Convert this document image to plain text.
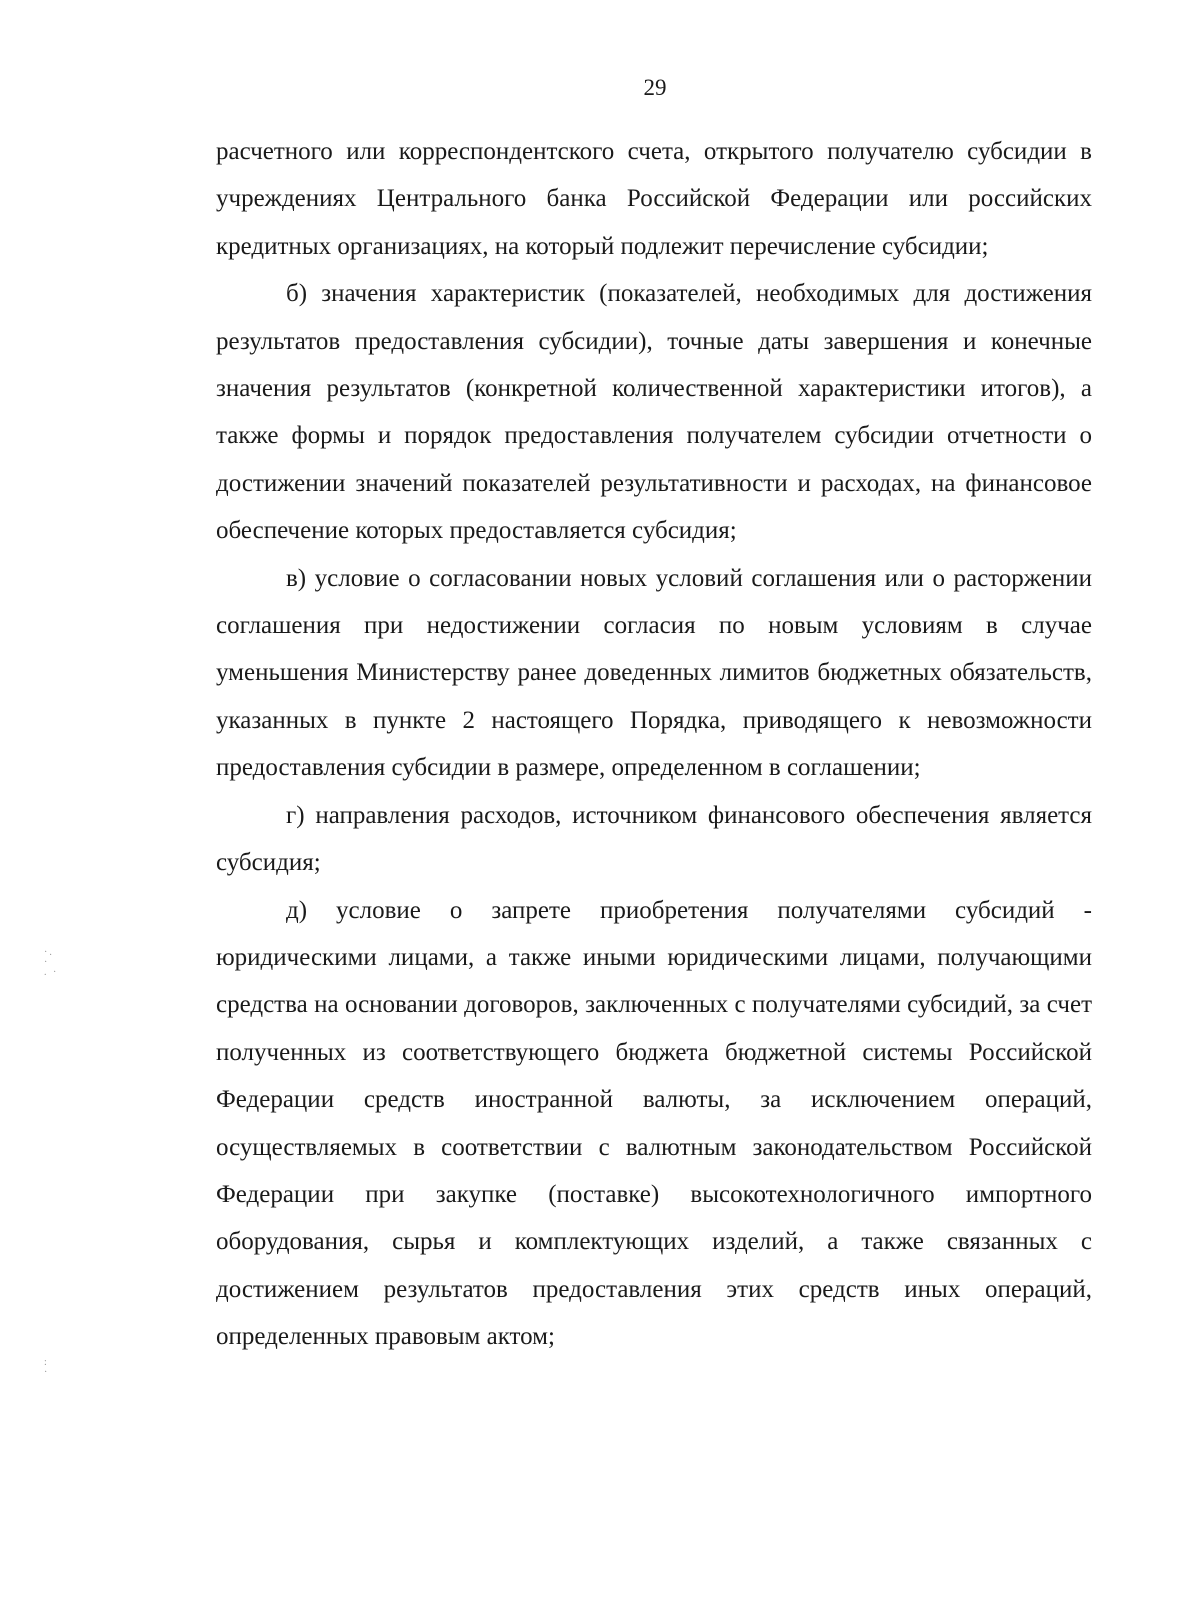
29

расчетного или корреспондентского счета, открытого получателю субсидии в учреждениях Центрального банка Российской Федерации или российских кредитных организациях, на который подлежит перечисление субсидии;

б) значения характеристик (показателей, необходимых для достижения результатов предоставления субсидии), точные даты завершения и конечные значения результатов (конкретной количественной характеристики итогов), а также формы и порядок предоставления получателем субсидии отчетности о достижении значений показателей результативности и расходах, на финансовое обеспечение которых предоставляется субсидия;

в) условие о согласовании новых условий соглашения или о расторжении соглашения при недостижении согласия по новым условиям в случае уменьшения Министерству ранее доведенных лимитов бюджетных обязательств, указанных в пункте 2 настоящего Порядка, приводящего к невозможности предоставления субсидии в размере, определенном в соглашении;

г) направления расходов, источником финансового обеспечения является субсидия;

д) условие о запрете приобретения получателями субсидий - юридическими лицами, а также иными юридическими лицами, получающими средства на основании договоров, заключенных с получателями субсидий, за счет полученных из соответствующего бюджета бюджетной системы Российской Федерации средств иностранной валюты, за исключением операций, осуществляемых в соответствии с валютным законодательством Российской Федерации при закупке (поставке) высокотехнологичного импортного оборудования, сырья и комплектующих изделий, а также связанных с достижением результатов предоставления этих средств иных операций, определенных правовым актом;

·.
·
. ·
:
·
